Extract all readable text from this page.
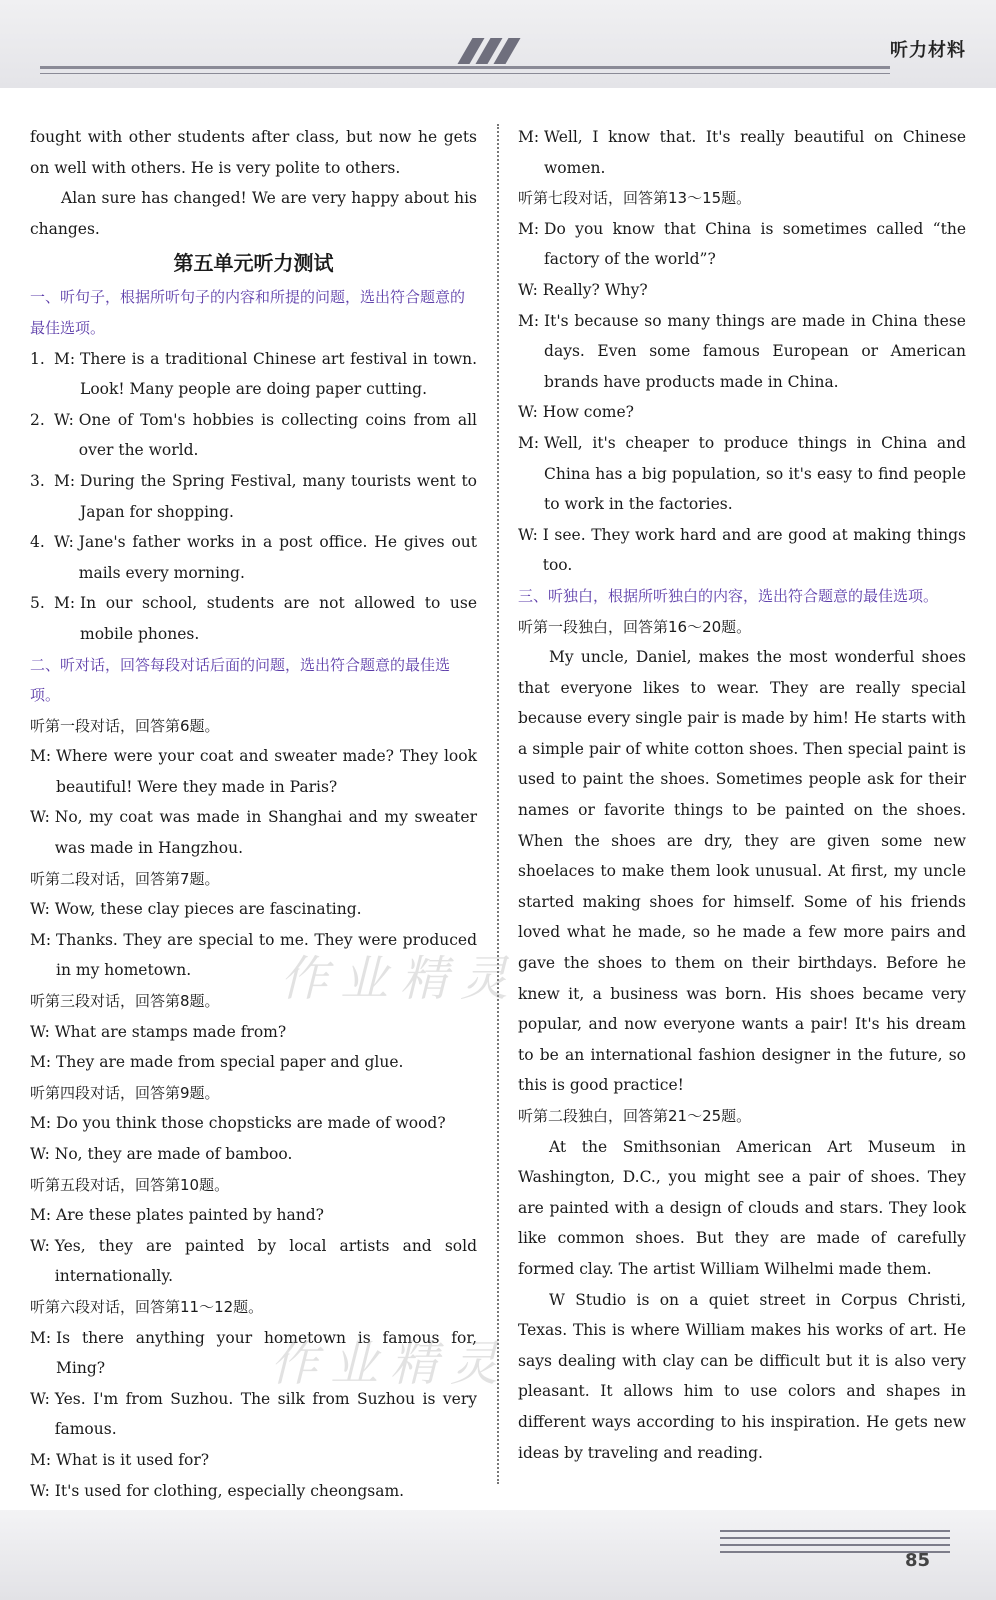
听力材料

fought with other students after class, but now he gets on well with others. He is very polite to others.

Alan sure has changed! We are very happy about his changes.

第五单元听力测试

一、听句子，根据所听句子的内容和所提的问题，选出符合题意的最佳选项。

1. M:
There is a traditional Chinese art festival in town. Look! Many people are doing paper cutting.
2. W:
One of Tom's hobbies is collecting coins from all over the world.
3. M:
During the Spring Festival, many tourists went to Japan for shopping.
4. W:
Jane's father works in a post office. He gives out mails every morning.
5. M:
In our school, students are not allowed to use mobile phones.

二、听对话，回答每段对话后面的问题，选出符合题意的最佳选项。

听第一段对话，回答第6题。

M:
Where were your coat and sweater made? They look beautiful! Were they made in Paris?
W:
No, my coat was made in Shanghai and my sweater was made in Hangzhou.

听第二段对话，回答第7题。

W:
Wow, these clay pieces are fascinating.
M:
Thanks. They are special to me. They were produced in my hometown.

听第三段对话，回答第8题。

W:
What are stamps made from?
M:
They are made from special paper and glue.

听第四段对话，回答第9题。

M:
Do you think those chopsticks are made of wood?
W:
No, they are made of bamboo.

听第五段对话，回答第10题。

M:
Are these plates painted by hand?
W:
Yes, they are painted by local artists and sold internationally.

听第六段对话，回答第11～12题。

M:
Is there anything your hometown is famous for, Ming?
W:
Yes. I'm from Suzhou. The silk from Suzhou is very famous.
M:
What is it used for?
W:
It's used for clothing, especially cheongsam.
M:
Well, I know that. It's really beautiful on Chinese women.

听第七段对话，回答第13～15题。

M:
Do you know that China is sometimes called “the factory of the world”?
W:
Really? Why?
M:
It's because so many things are made in China these days. Even some famous European or American brands have products made in China.
W:
How come?
M:
Well, it's cheaper to produce things in China and China has a big population, so it's easy to find people to work in the factories.
W:
I see. They work hard and are good at making things too.

三、听独白，根据所听独白的内容，选出符合题意的最佳选项。

听第一段独白，回答第16～20题。

My uncle, Daniel, makes the most wonderful shoes that everyone likes to wear. They are really special because every single pair is made by him! He starts with a simple pair of white cotton shoes. Then special paint is used to paint the shoes. Sometimes people ask for their names or favorite things to be painted on the shoes. When the shoes are dry, they are given some new shoelaces to make them look unusual. At first, my uncle started making shoes for himself. Some of his friends loved what he made, so he made a few more pairs and gave the shoes to them on their birthdays. Before he knew it, a business was born. His shoes became very popular, and now everyone wants a pair! It's his dream to be an international fashion designer in the future, so this is good practice!

听第二段独白，回答第21～25题。

At the Smithsonian American Art Museum in Washington, D.C., you might see a pair of shoes. They are painted with a design of clouds and stars. They look like common shoes. But they are made of carefully formed clay. The artist William Wilhelmi made them.

W Studio is on a quiet street in Corpus Christi, Texas. This is where William makes his works of art. He says dealing with clay can be difficult but it is also very pleasant. It allows him to use colors and shapes in different ways according to his inspiration. He gets new ideas by traveling and reading.

作业精灵
作业精灵
85
